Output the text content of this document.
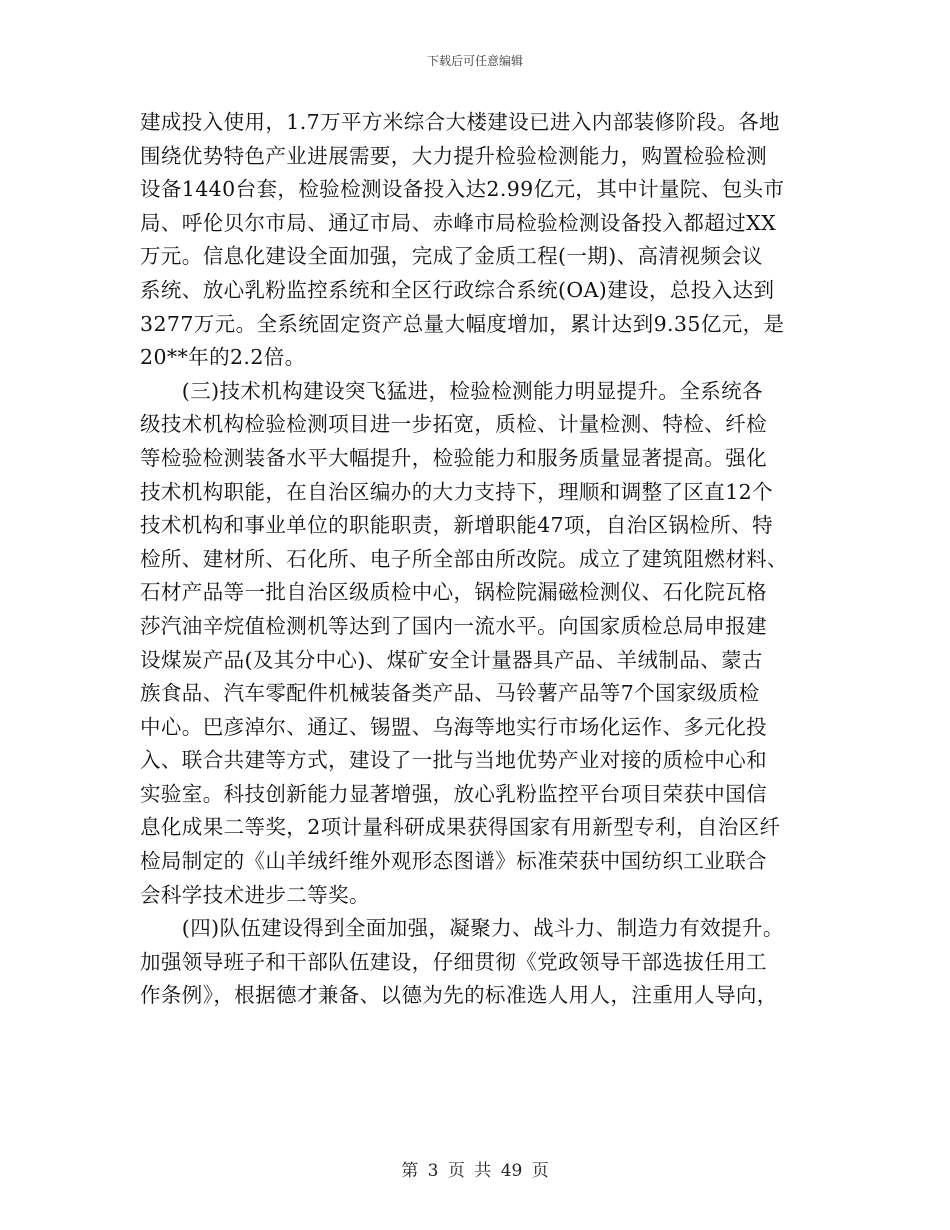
下载后可任意编辑
建成投入使用，1.7万平方米综合大楼建设已进入内部装修阶段。各地
围绕优势特色产业进展需要，大力提升检验检测能力，购置检验检测
设备1440台套，检验检测设备投入达2.99亿元，其中计量院、包头市
局、呼伦贝尔市局、通辽市局、赤峰市局检验检测设备投入都超过XX
万元。信息化建设全面加强，完成了金质工程(一期)、高清视频会议
系统、放心乳粉监控系统和全区行政综合系统(OA)建设，总投入达到
3277万元。全系统固定资产总量大幅度增加，累计达到9.35亿元，是
20**年的2.2倍。
　　(三)技术机构建设突飞猛进，检验检测能力明显提升。全系统各
级技术机构检验检测项目进一步拓宽，质检、计量检测、特检、纤检
等检验检测装备水平大幅提升，检验能力和服务质量显著提高。强化
技术机构职能，在自治区编办的大力支持下，理顺和调整了区直12个
技术机构和事业单位的职能职责，新增职能47项，自治区锅检所、特
检所、建材所、石化所、电子所全部由所改院。成立了建筑阻燃材料、
石材产品等一批自治区级质检中心，锅检院漏磁检测仪、石化院瓦格
莎汽油辛烷值检测机等达到了国内一流水平。向国家质检总局申报建
设煤炭产品(及其分中心)、煤矿安全计量器具产品、羊绒制品、蒙古
族食品、汽车零配件机械装备类产品、马铃薯产品等7个国家级质检
中心。巴彦淖尔、通辽、锡盟、乌海等地实行市场化运作、多元化投
入、联合共建等方式，建设了一批与当地优势产业对接的质检中心和
实验室。科技创新能力显著增强，放心乳粉监控平台项目荣获中国信
息化成果二等奖，2项计量科研成果获得国家有用新型专利，自治区纤
检局制定的《山羊绒纤维外观形态图谱》标准荣获中国纺织工业联合
会科学技术进步二等奖。
　　(四)队伍建设得到全面加强，凝聚力、战斗力、制造力有效提升。
加强领导班子和干部队伍建设，仔细贯彻《党政领导干部选拔任用工
作条例》，根据德才兼备、以德为先的标准选人用人，注重用人导向，
第 3 页 共 49 页
